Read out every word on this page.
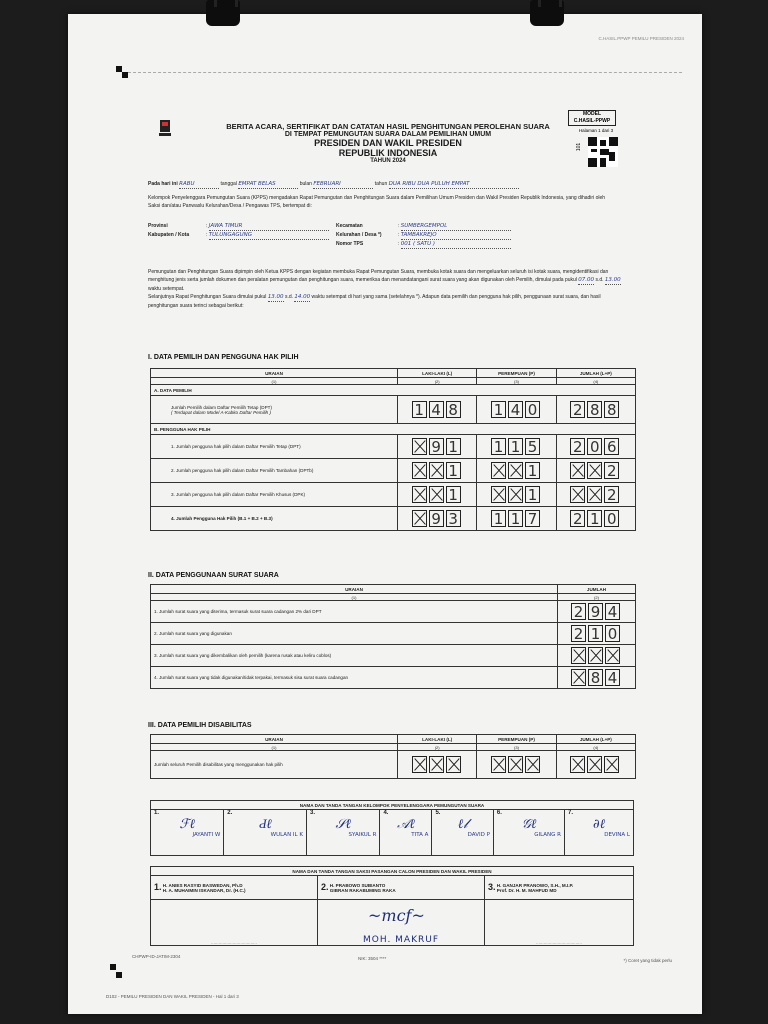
C.HASIL.PPWP PEMILU PRESIDEN 2024
BERITA ACARA, SERTIFIKAT DAN CATATAN HASIL PENGHITUNGAN PEROLEHAN SUARA
DI TEMPAT PEMUNGUTAN SUARA DALAM PEMILIHAN UMUM
PRESIDEN DAN WAKIL PRESIDEN
REPUBLIK INDONESIA
TAHUN 2024
MODEL
C.HASIL-PPWP
Halaman 1 dari 3
101
Pada hari ini RABU	tanggal EMPAT BELAS	bulan FEBRUARI	tahun DUA RIBU DUA PULUH EMPAT
Kelompok Penyelenggara Pemungutan Suara (KPPS) mengadakan Rapat Pemungutan dan Penghitungan Suara dalam Pemilihan Umum Presiden dan Wakil Presiden Republik Indonesia, yang dihadiri oleh Saksi dan/atau Panwaslu Kelurahan/Desa / Pengawas TPS, bertempat di:
Provinsi	: JAWA TIMUR
Kabupaten / Kota	: TULUNGAGUNG
Kecamatan	: SUMBERGEMPOL
Kelurahan / Desa *)	: TAMBAKREJO
Nomor TPS	: 001 ( SATU )
Pemungutan dan Penghitungan Suara dipimpin oleh Ketua KPPS dengan kegiatan membuka Rapat Pemungutan Suara, membuka kotak suara dan mengeluarkan seluruh isi kotak suara, mengidentifikasi dan menghitung jenis serta jumlah dokumen dan peralatan pemungutan dan penghitungan suara, memeriksa dan menandatangani surat suara yang akan digunakan oleh Pemilih, dimulai pada pukul 07.00 s.d. 13.00 waktu setempat.
Selanjutnya Rapat Penghitungan Suara dimulai pukul 13.00 s.d. 14.00 waktu setempat di hari yang sama (setelahnya *). Adapun data pemilih dan pengguna hak pilih, penggunaan surat suara, dan hasil penghitungan suara terinci sebagai berikut:
I. DATA PEMILIH DAN PENGGUNA HAK PILIH
URAIAN	LAKI-LAKI (L)	PEREMPUAN (P)	JUMLAH (L+P)
(1)	(2)	(3)	(4)
A. DATA PEMILIH			

Jumlah Pemilih dalam Daftar Pemilih Tetap (DPT)
( Terdapat dalam Model A-Kabko Daftar Pemilih )	1 4 8	1 4 0	2 8 8
B. PENGGUNA HAK PILIH			
1. Jumlah pengguna hak pilih dalam Daftar Pemilih Tetap (DPT)	9 1	1 1 5	2 0 6
2. Jumlah pengguna hak pilih dalam Daftar Pemilih Tambahan (DPTb)	1	1	2
3. Jumlah pengguna hak pilih dalam Daftar Pemilih Khusus (DPK)	1	1	2
4. Jumlah Pengguna Hak Pilih (B.1 + B.2 + B.3)	9 3	1 1 7	2 1 0
II. DATA PENGGUNAAN SURAT SUARA
URAIAN	JUMLAH
(1)	(2)
1. Jumlah surat suara yang diterima, termasuk surat suara cadangan 2% dari DPT	2 9 4
2. Jumlah surat suara yang digunakan	2 1 0
3. Jumlah surat suara yang dikembalikan oleh pemilih (karena rusak atau keliru coblos)	
4. Jumlah surat suara yang tidak digunakan/tidak terpakai, termasuk sisa surat suara cadangan	8 4
III. DATA PEMILIH DISABILITAS
URAIAN	LAKI-LAKI (L)	PEREMPUAN (P)	JUMLAH (L+P)
(1)	(2)	(3)	(4)
Jumlah seluruh Pemilih disabilitas yang menggunakan hak pilih			
NAMA DAN TANDA TANGAN KELOMPOK PENYELENGGARA PEMUNGUTAN SUARA
1.
ℱℓ
JAYANTI W
	2.
Ԁℓ
WULAN IL K
	3.
𝒮ℓ
SYAIKUL R
	4.
𝒜ℓ
TITA A
	5.
ℓ𝓁
DAVID P
	6.
𝒢ℓ
GILANG R
	7.
∂ℓ
DEVINA L
NAMA DAN TANDA TANGAN SAKSI PASANGAN CALON PRESIDEN DAN WAKIL PRESIDEN		
1. H. ANIES RASYID BASWEDAN, Ph.D
H. A. MUHAIMIN ISKANDAR, Dr. (H.C.)	2. H. PRABOWO SUBIANTO
GIBRAN RAKABUMING RAKA	3. H. GANJAR PRANOWO, S.H., M.I.P.
Prof. Dr. H. M. MAHFUD MD
....................................	MOH. MAKRUF	....................................
~mcf~
CHPWP-ID-JATIM-2304	NIK: 3504 ****	*) Coret yang tidak perlu
D102 - PEMILU PRESIDEN DAN WAKIL PRESIDEN - Hal 1 dari 3
